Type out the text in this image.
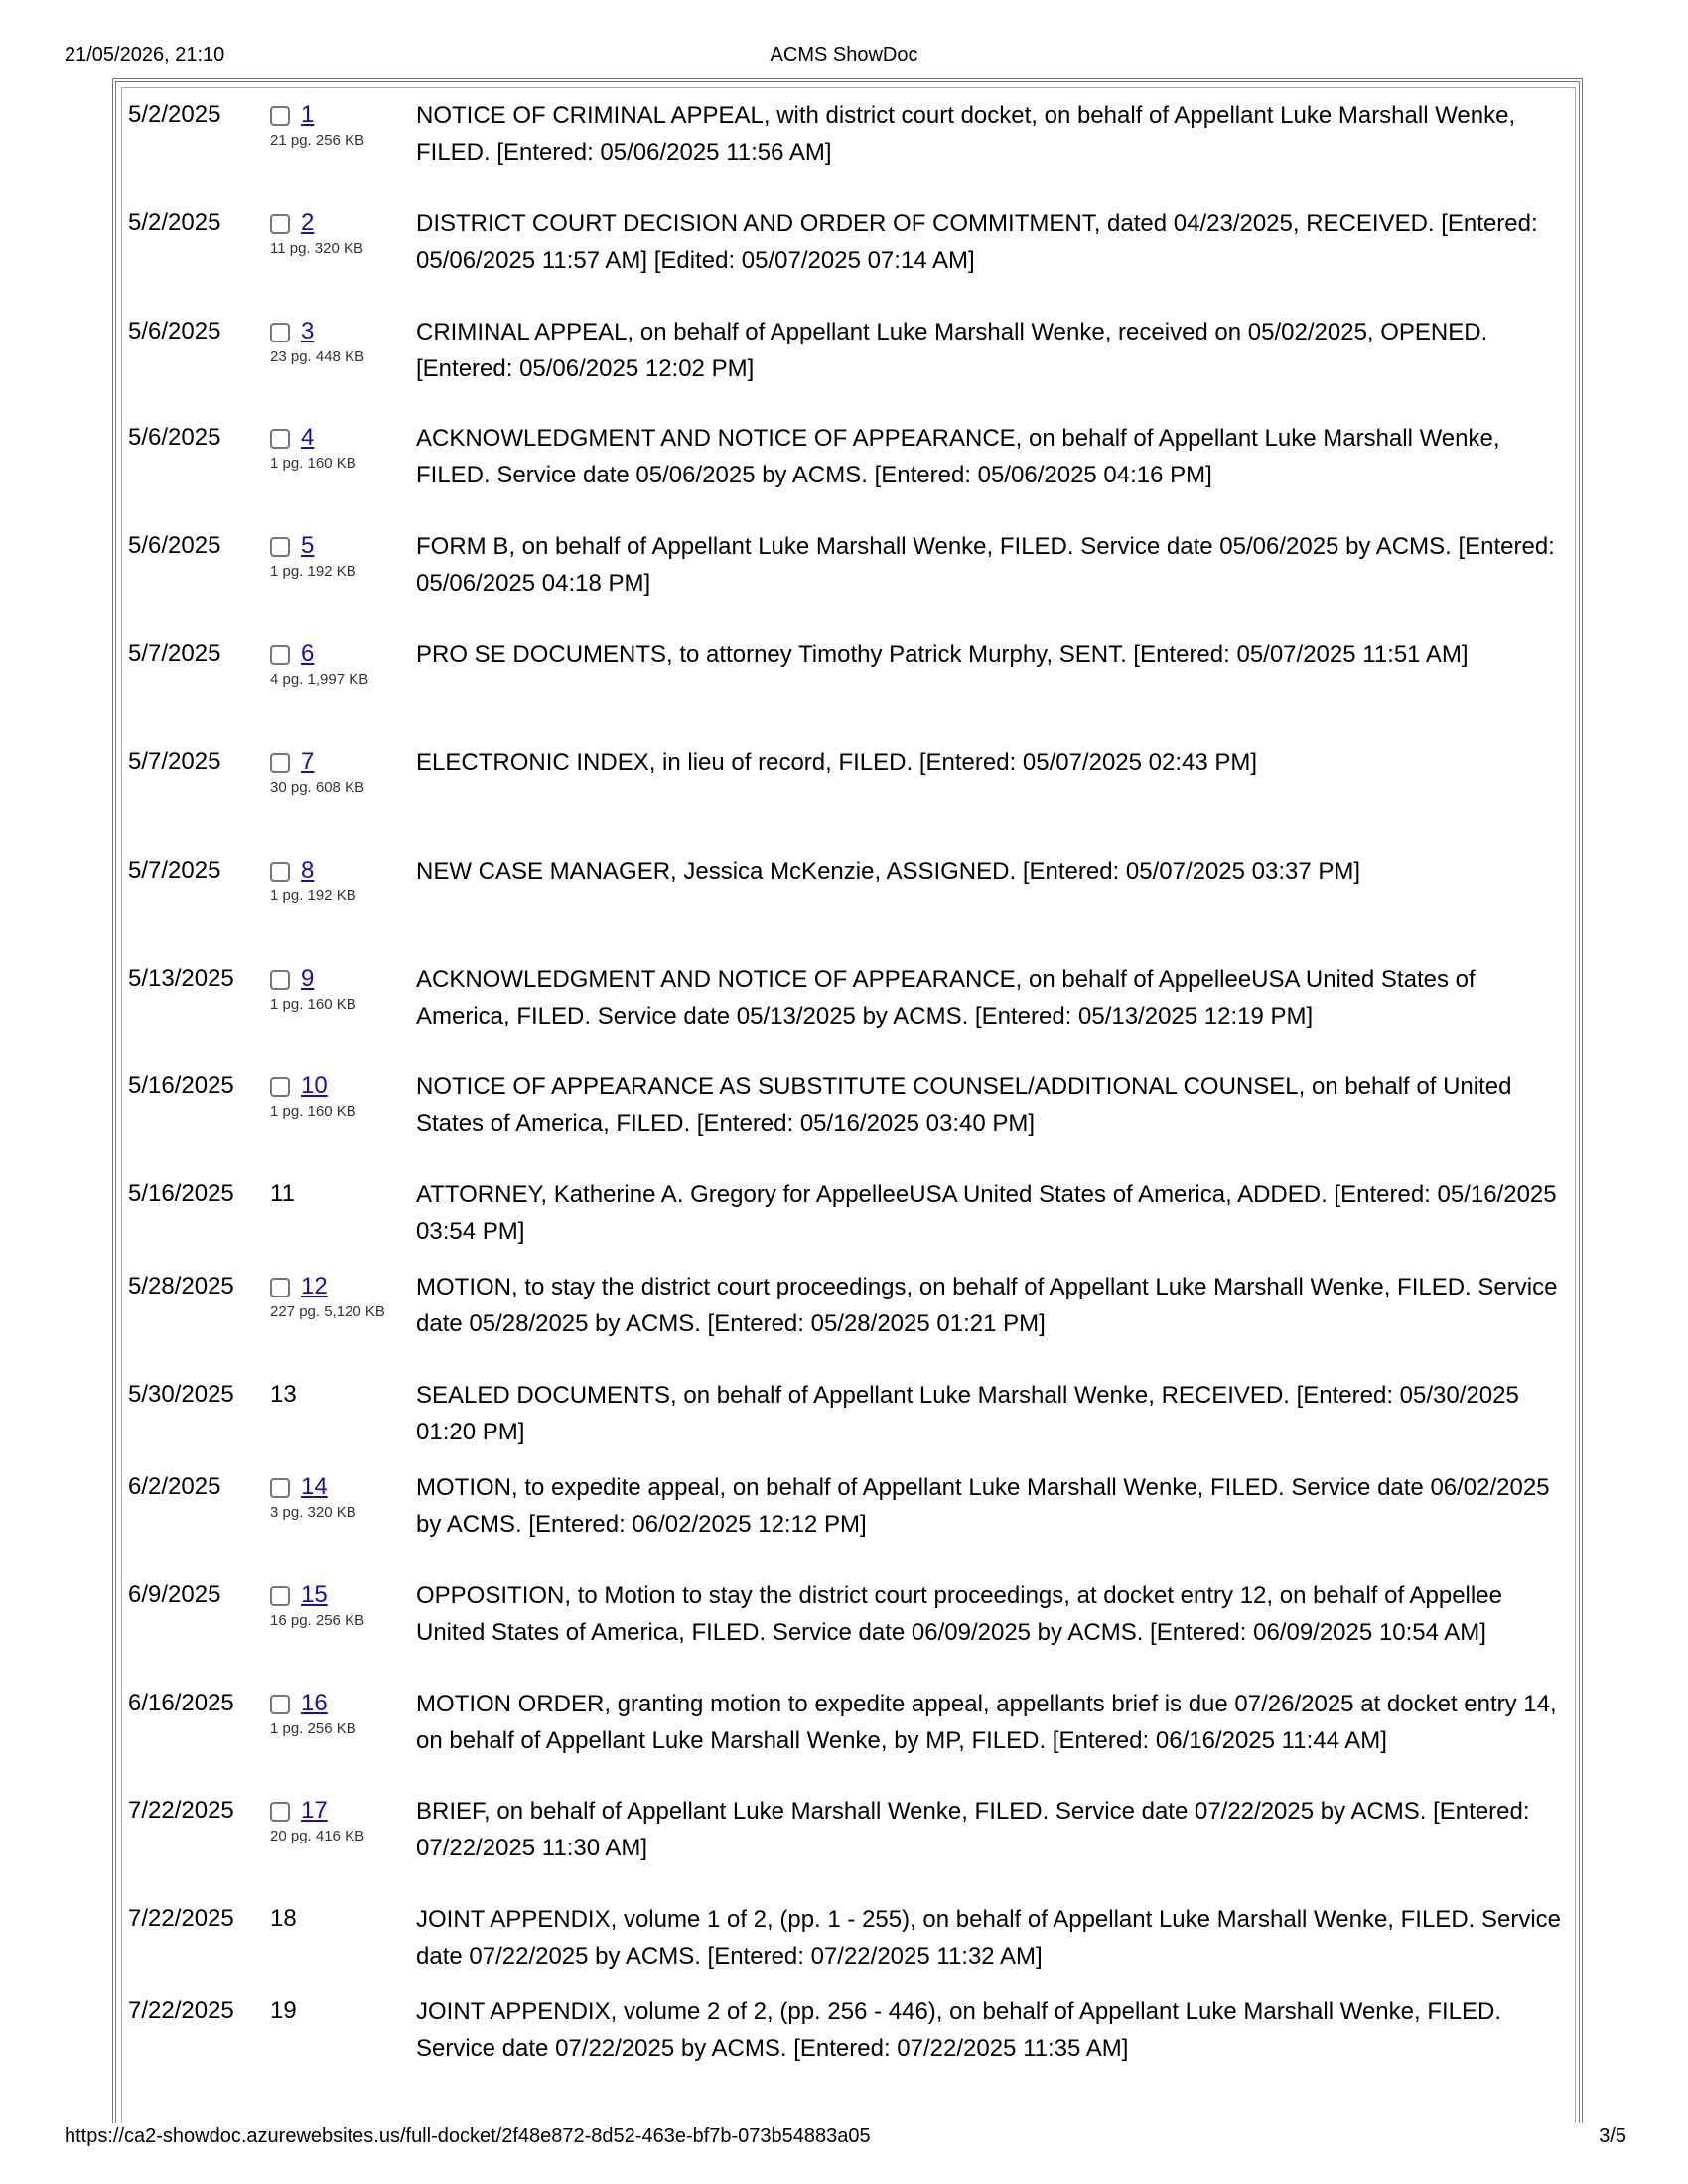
21/05/2026, 21:10	ACMS ShowDoc
5/2/2025	1
21 pg. 256 KB
NOTICE OF CRIMINAL APPEAL, with district court docket, on behalf of Appellant Luke Marshall Wenke, FILED. [Entered: 05/06/2025 11:56 AM]
5/2/2025	2
11 pg. 320 KB
DISTRICT COURT DECISION AND ORDER OF COMMITMENT, dated 04/23/2025, RECEIVED. [Entered: 05/06/2025 11:57 AM] [Edited: 05/07/2025 07:14 AM]
5/6/2025	3
23 pg. 448 KB
CRIMINAL APPEAL, on behalf of Appellant Luke Marshall Wenke, received on 05/02/2025, OPENED. [Entered: 05/06/2025 12:02 PM]
5/6/2025	4
1 pg. 160 KB
ACKNOWLEDGMENT AND NOTICE OF APPEARANCE, on behalf of Appellant Luke Marshall Wenke, FILED. Service date 05/06/2025 by ACMS. [Entered: 05/06/2025 04:16 PM]
5/6/2025	5
1 pg. 192 KB
FORM B, on behalf of Appellant Luke Marshall Wenke, FILED. Service date 05/06/2025 by ACMS. [Entered: 05/06/2025 04:18 PM]
5/7/2025	6
4 pg. 1,997 KB
PRO SE DOCUMENTS, to attorney Timothy Patrick Murphy, SENT. [Entered: 05/07/2025 11:51 AM]
5/7/2025	7
30 pg. 608 KB
ELECTRONIC INDEX, in lieu of record, FILED. [Entered: 05/07/2025 02:43 PM]
5/7/2025	8
1 pg. 192 KB
NEW CASE MANAGER, Jessica McKenzie, ASSIGNED. [Entered: 05/07/2025 03:37 PM]
5/13/2025	9
1 pg. 160 KB
ACKNOWLEDGMENT AND NOTICE OF APPEARANCE, on behalf of AppelleeUSA United States of America, FILED. Service date 05/13/2025 by ACMS. [Entered: 05/13/2025 12:19 PM]
5/16/2025	10
1 pg. 160 KB
NOTICE OF APPEARANCE AS SUBSTITUTE COUNSEL/ADDITIONAL COUNSEL, on behalf of United States of America, FILED. [Entered: 05/16/2025 03:40 PM]
5/16/2025 11	ATTORNEY, Katherine A. Gregory for AppelleeUSA United States of America, ADDED. [Entered: 05/16/2025 03:54 PM]
5/28/2025	12
227 pg. 5,120 KB
MOTION, to stay the district court proceedings, on behalf of Appellant Luke Marshall Wenke, FILED. Service date 05/28/2025 by ACMS. [Entered: 05/28/2025 01:21 PM]
5/30/2025 13	SEALED DOCUMENTS, on behalf of Appellant Luke Marshall Wenke, RECEIVED. [Entered: 05/30/2025 01:20 PM]
6/2/2025	14
3 pg. 320 KB
MOTION, to expedite appeal, on behalf of Appellant Luke Marshall Wenke, FILED. Service date 06/02/2025 by ACMS. [Entered: 06/02/2025 12:12 PM]
6/9/2025	15
16 pg. 256 KB
OPPOSITION, to Motion to stay the district court proceedings, at docket entry 12, on behalf of Appellee United States of America, FILED. Service date 06/09/2025 by ACMS. [Entered: 06/09/2025 10:54 AM]
6/16/2025	16
1 pg. 256 KB
MOTION ORDER, granting motion to expedite appeal, appellants brief is due 07/26/2025 at docket entry 14, on behalf of Appellant Luke Marshall Wenke, by MP, FILED. [Entered: 06/16/2025 11:44 AM]
7/22/2025	17
20 pg. 416 KB
BRIEF, on behalf of Appellant Luke Marshall Wenke, FILED. Service date 07/22/2025 by ACMS. [Entered: 07/22/2025 11:30 AM]
7/22/2025 18	JOINT APPENDIX, volume 1 of 2, (pp. 1 - 255), on behalf of Appellant Luke Marshall Wenke, FILED. Service date 07/22/2025 by ACMS. [Entered: 07/22/2025 11:32 AM]
7/22/2025 19	JOINT APPENDIX, volume 2 of 2, (pp. 256 - 446), on behalf of Appellant Luke Marshall Wenke, FILED. Service date 07/22/2025 by ACMS. [Entered: 07/22/2025 11:35 AM]
https://ca2-showdoc.azurewebsites.us/full-docket/2f48e872-8d52-463e-bf7b-073b54883a05	3/5
